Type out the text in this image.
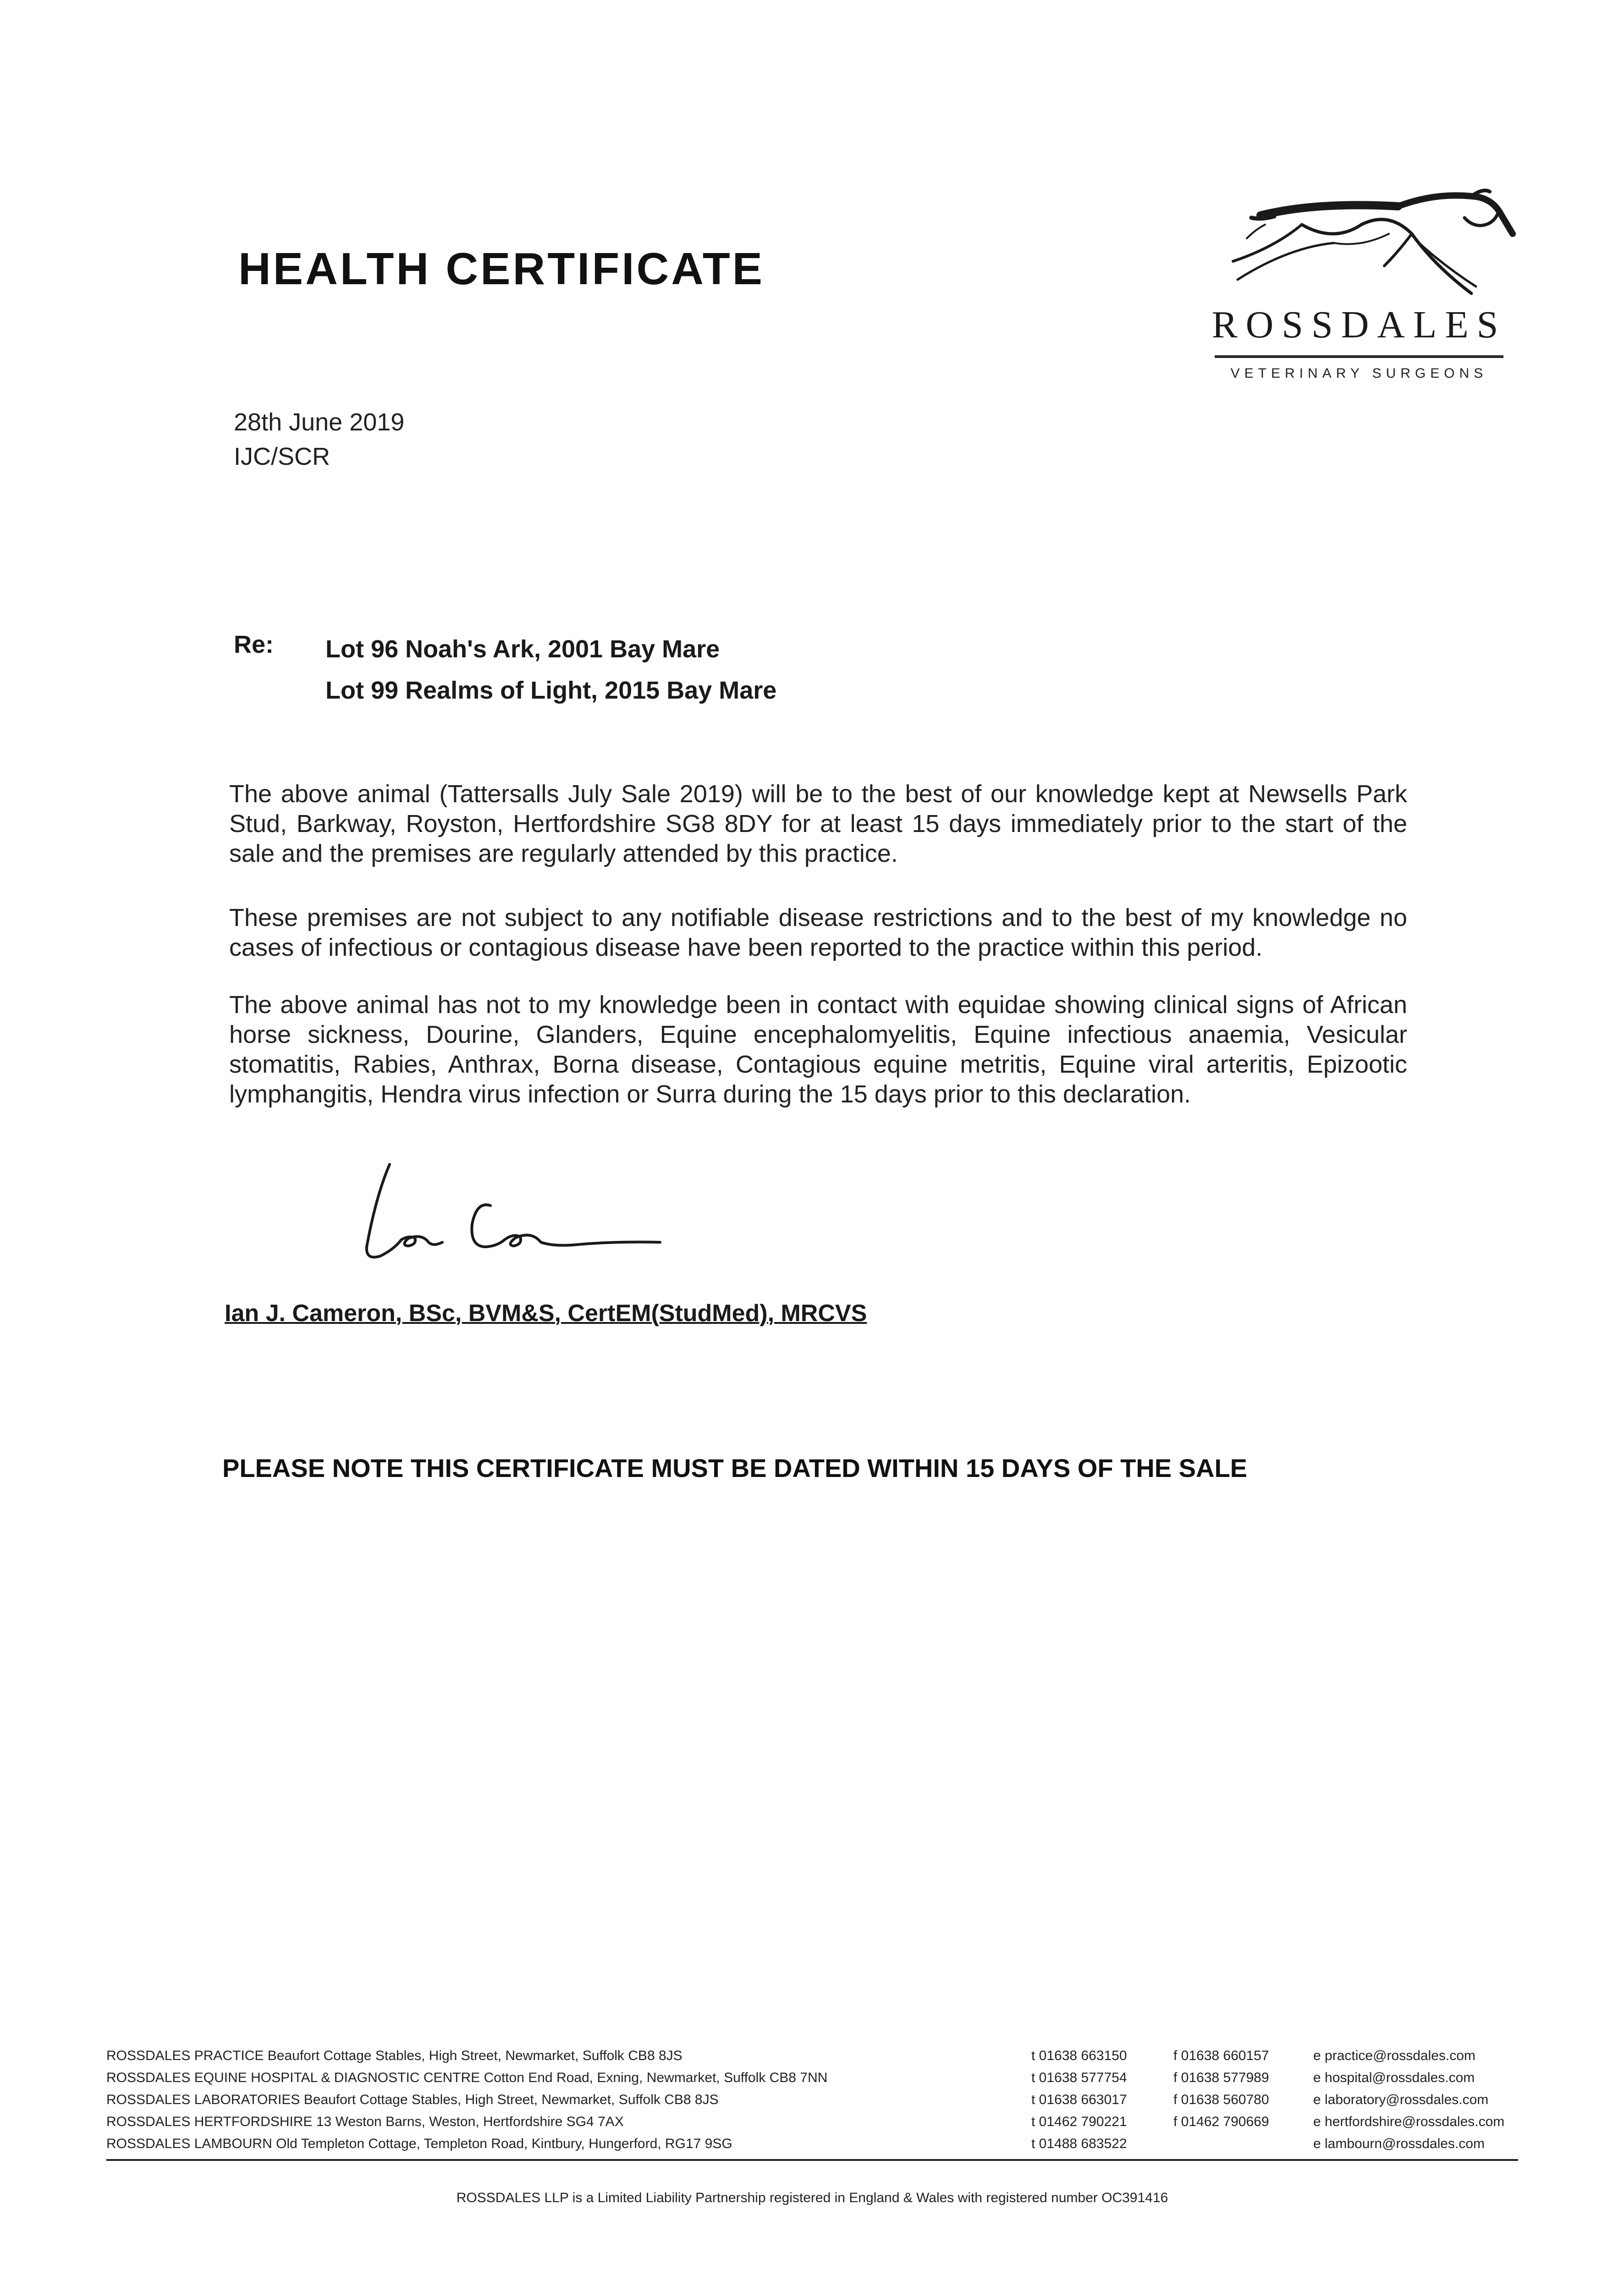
HEALTH CERTIFICATE
ROSSDALES
VETERINARY SURGEONS
28th June 2019
IJC/SCR
Re: Lot 96 Noah's Ark, 2001 Bay Mare
Lot 99 Realms of Light, 2015 Bay Mare
The above animal (Tattersalls July Sale 2019) will be to the best of our knowledge kept at Newsells Park Stud, Barkway, Royston, Hertfordshire SG8 8DY for at least 15 days immediately prior to the start of the sale and the premises are regularly attended by this practice.
These premises are not subject to any notifiable disease restrictions and to the best of my knowledge no cases of infectious or contagious disease have been reported to the practice within this period.
The above animal has not to my knowledge been in contact with equidae showing clinical signs of African horse sickness, Dourine, Glanders, Equine encephalomyelitis, Equine infectious anaemia, Vesicular stomatitis, Rabies, Anthrax, Borna disease, Contagious equine metritis, Equine viral arteritis, Epizootic lymphangitis, Hendra virus infection or Surra during the 15 days prior to this declaration.
Ian J. Cameron, BSc, BVM&S, CertEM(StudMed), MRCVS
PLEASE NOTE THIS CERTIFICATE MUST BE DATED WITHIN 15 DAYS OF THE SALE
ROSSDALES PRACTICE Beaufort Cottage Stables, High Street, Newmarket, Suffolk CB8 8JS	t 01638 663150	f 01638 660157	e practice@rossdales.com
ROSSDALES EQUINE HOSPITAL & DIAGNOSTIC CENTRE Cotton End Road, Exning, Newmarket, Suffolk CB8 7NN	t 01638 577754	f 01638 577989	e hospital@rossdales.com
ROSSDALES LABORATORIES Beaufort Cottage Stables, High Street, Newmarket, Suffolk CB8 8JS	t 01638 663017	f 01638 560780	e laboratory@rossdales.com
ROSSDALES HERTFORDSHIRE 13 Weston Barns, Weston, Hertfordshire SG4 7AX	t 01462 790221	f 01462 790669	e hertfordshire@rossdales.com
ROSSDALES LAMBOURN Old Templeton Cottage, Templeton Road, Kintbury, Hungerford, RG17 9SG	t 01488 683522	e lambourn@rossdales.com
ROSSDALES LLP is a Limited Liability Partnership registered in England & Wales with registered number OC391416
